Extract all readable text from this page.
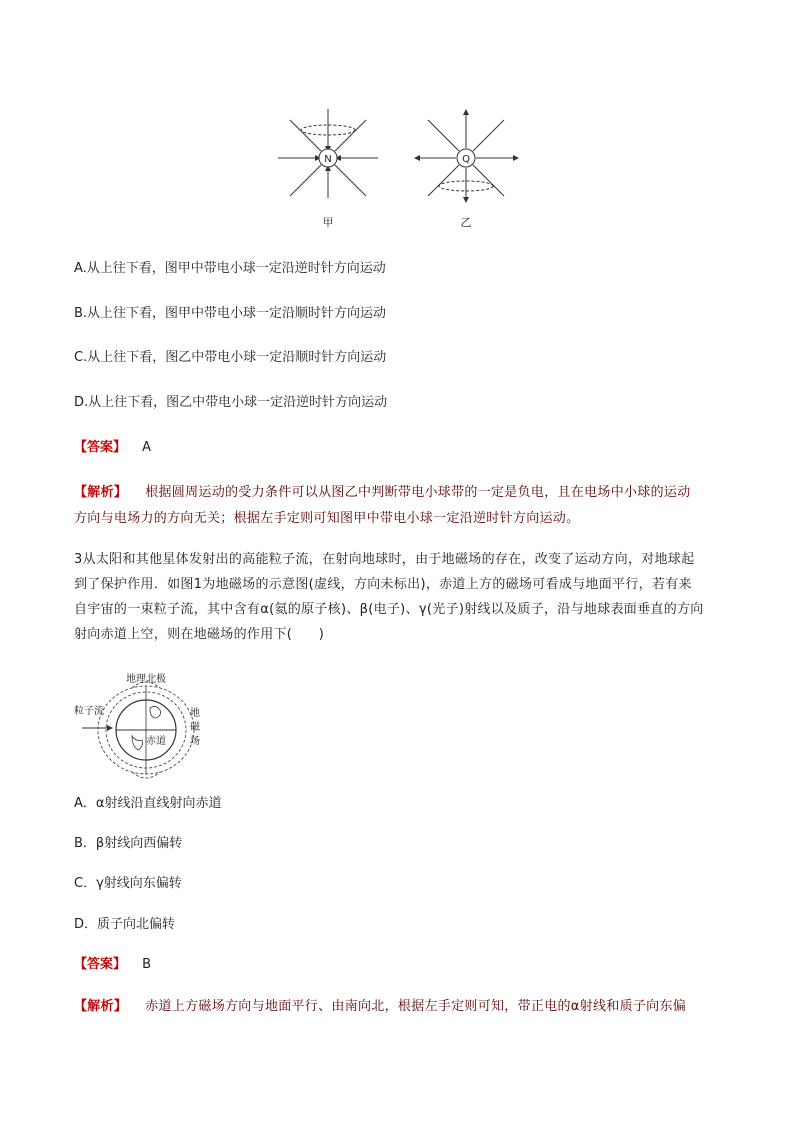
N
甲
Q
乙
A.从上往下看，图甲中带电小球一定沿逆时针方向运动
B.从上往下看，图甲中带电小球一定沿顺时针方向运动
C.从上往下看，图乙中带电小球一定沿顺时针方向运动
D.从上往下看，图乙中带电小球一定沿逆时针方向运动
【答案】 A
【解析】 根据圆周运动的受力条件可以从图乙中判断带电小球带的一定是负电，且在电场中小球的运动
方向与电场力的方向无关；根据左手定则可知图甲中带电小球一定沿逆时针方向运动。
3从太阳和其他星体发射出的高能粒子流，在射向地球时，由于地磁场的存在，改变了运动方向，对地球起
到了保护作用．如图1为地磁场的示意图(虚线，方向未标出)，赤道上方的磁场可看成与地面平行，若有来
自宇宙的一束粒子流，其中含有α(氦的原子核)、β(电子)、γ(光子)射线以及质子，沿与地球表面垂直的方向
射向赤道上空，则在地磁场的作用下(　　)
地理北极
粒子流
赤道
地
磁
场
A．α射线沿直线射向赤道
B．β射线向西偏转
C．γ射线向东偏转
D．质子向北偏转
【答案】 B
【解析】 赤道上方磁场方向与地面平行、由南向北，根据左手定则可知，带正电的α射线和质子向东偏
